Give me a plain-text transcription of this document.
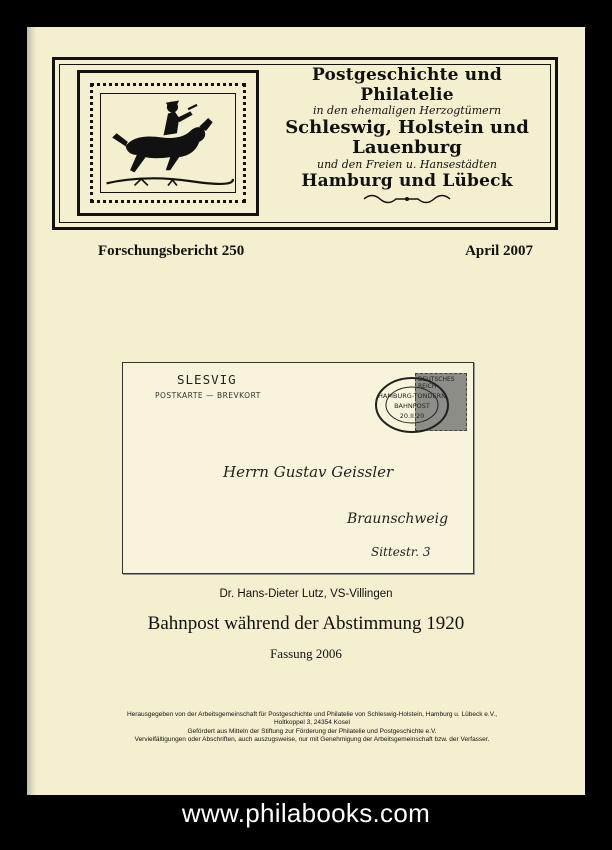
Postgeschichte und Philatelie
in den ehemaligen Herzogtümern
Schleswig, Holstein und Lauenburg
und den Freien u. Hansestädten
Hamburg und Lübeck
Forschungsbericht 250	April 2007
SLESVIG
POSTKARTE — BREVKORT
DEUTSCHES REICH
HAMBURG-TONDERN
BAHNPOST
20.II.20
Herrn Gustav Geissler
Braunschweig
Sittestr. 3
Dr. Hans-Dieter Lutz, VS-Villingen
Bahnpost während der Abstimmung 1920
Fassung 2006
Herausgegeben von der Arbeitsgemeinschaft für Postgeschichte und Philatelie von Schleswig-Holstein, Hamburg u. Lübeck e.V.,
Holtkoppel 3, 24354 Kosel
Gefördert aus Mitteln der Stiftung zur Förderung der Philatelie und Postgeschichte e.V.
Vervielfältigungen oder Abschriften, auch auszugsweise, nur mit Genehmigung der Arbeitsgemeinschaft bzw. der Verfasser.
www.philabooks.com
